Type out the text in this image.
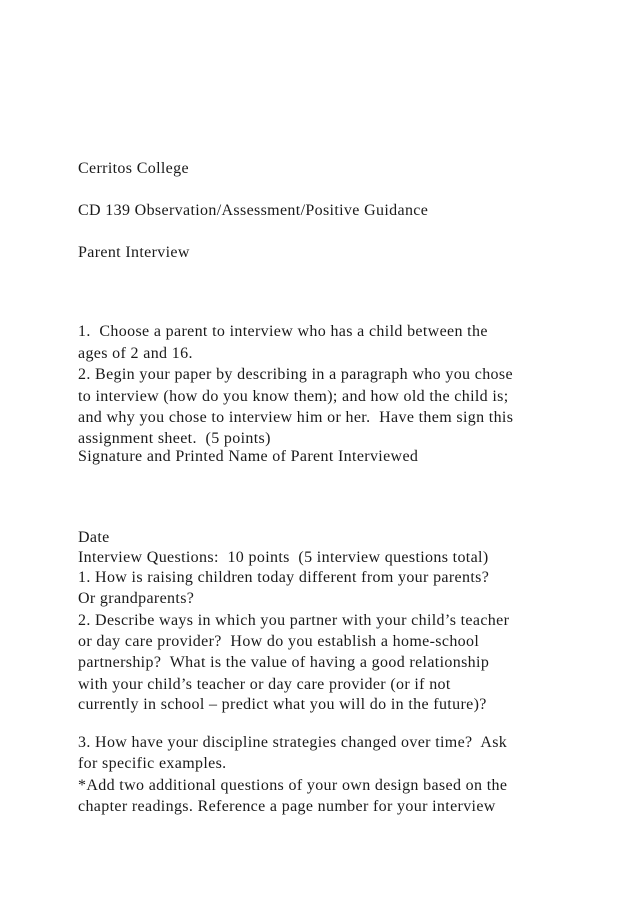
Cerritos College
CD 139 Observation/Assessment/Positive Guidance
Parent Interview
1.  Choose a parent to interview who has a child between the
ages of 2 and 16.
2. Begin your paper by describing in a paragraph who you chose
to interview (how do you know them); and how old the child is;
and why you chose to interview him or her.  Have them sign this
assignment sheet.  (5 points)
Signature and Printed Name of Parent Interviewed
Date
Interview Questions:  10 points  (5 interview questions total)
1. How is raising children today different from your parents?
Or grandparents?
2. Describe ways in which you partner with your child’s teacher
or day care provider?  How do you establish a home-school
partnership?  What is the value of having a good relationship
with your child’s teacher or day care provider (or if not
currently in school – predict what you will do in the future)?
3. How have your discipline strategies changed over time?  Ask
for specific examples.
*Add two additional questions of your own design based on the
chapter readings. Reference a page number for your interview
